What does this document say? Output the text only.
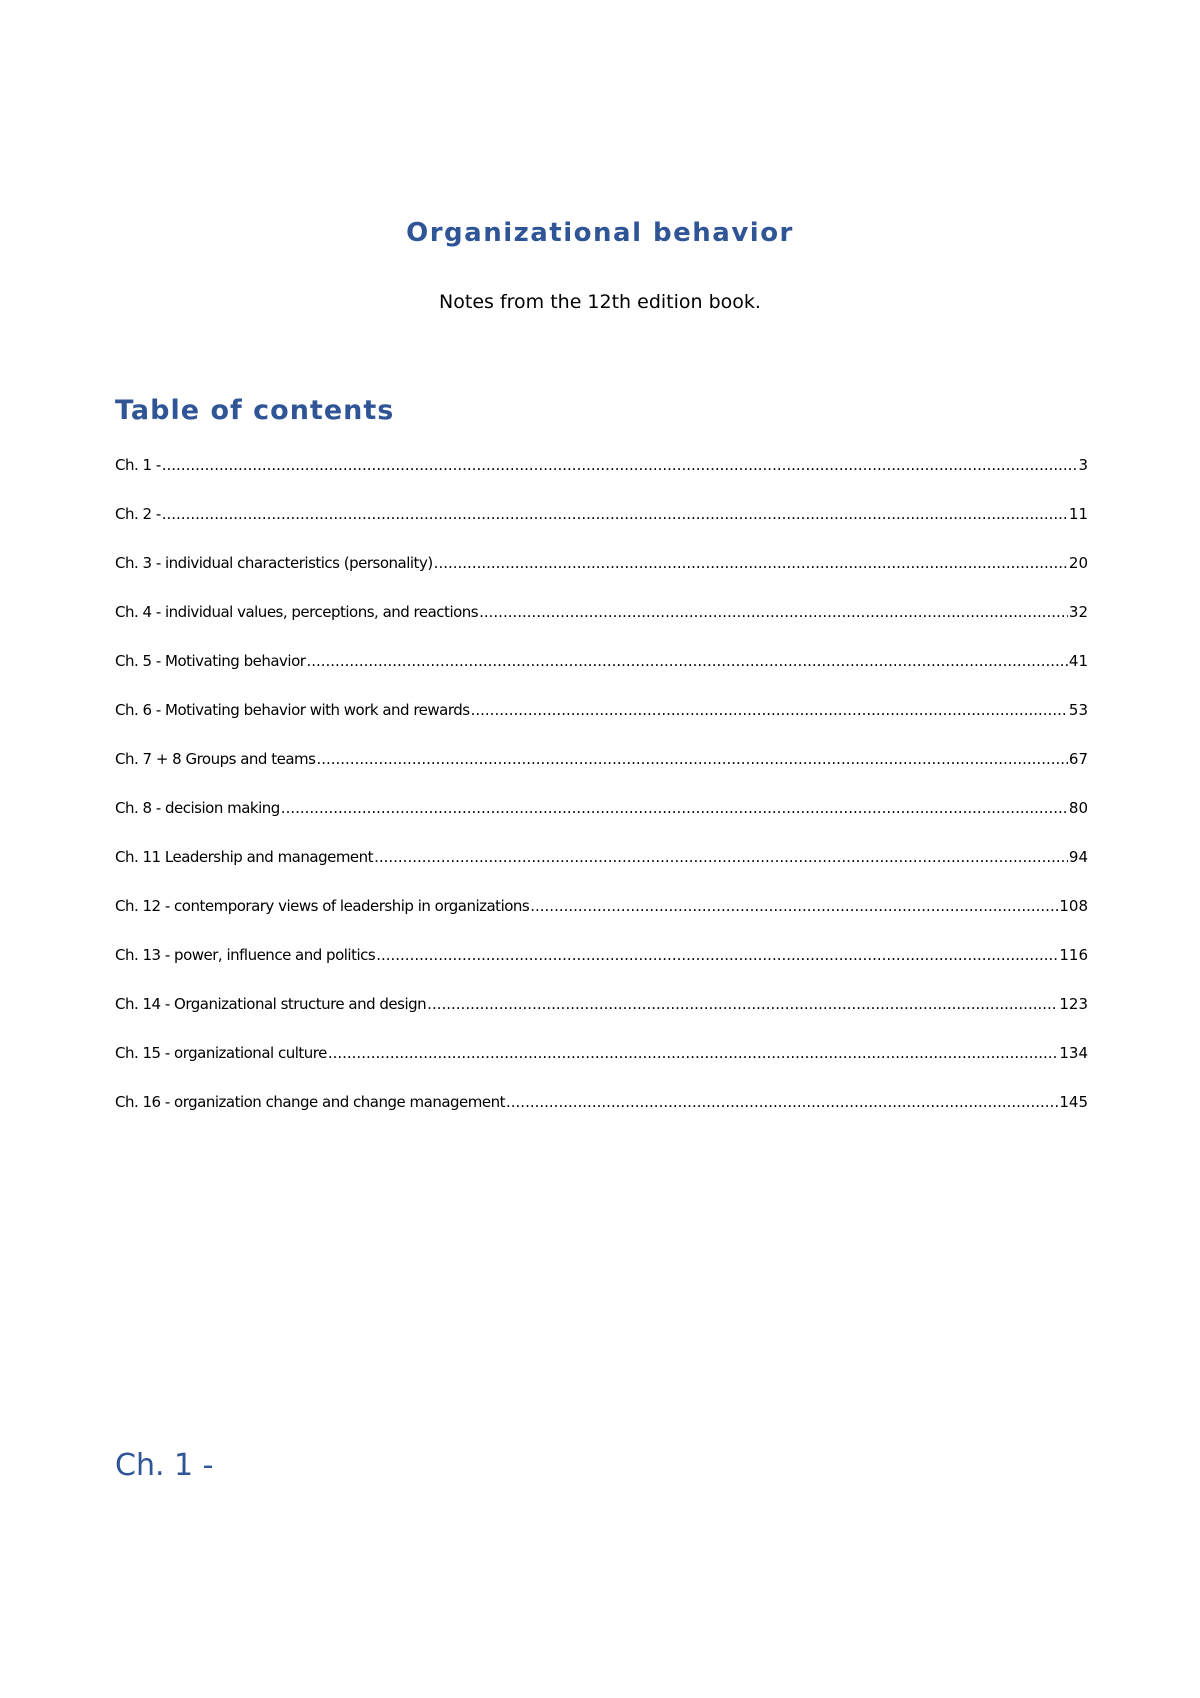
Organizational behavior
Notes from the 12th edition book.
Table of contents
Ch. 1 - .....	3
Ch. 2 - .....	11
Ch. 3 - individual characteristics (personality) .....	20
Ch. 4 - individual values, perceptions, and reactions .....	32
Ch. 5 - Motivating behavior .....	41
Ch. 6 - Motivating behavior with work and rewards .....	53
Ch. 7 + 8 Groups and teams .....	67
Ch. 8 - decision making .....	80
Ch. 11 Leadership and management .....	94
Ch. 12 - contemporary views of leadership in organizations .....	108
Ch. 13 - power, influence and politics .....	116
Ch. 14 - Organizational structure and design .....	123
Ch. 15 - organizational culture .....	134
Ch. 16 - organization change and change management .....	145
Ch. 1 -
